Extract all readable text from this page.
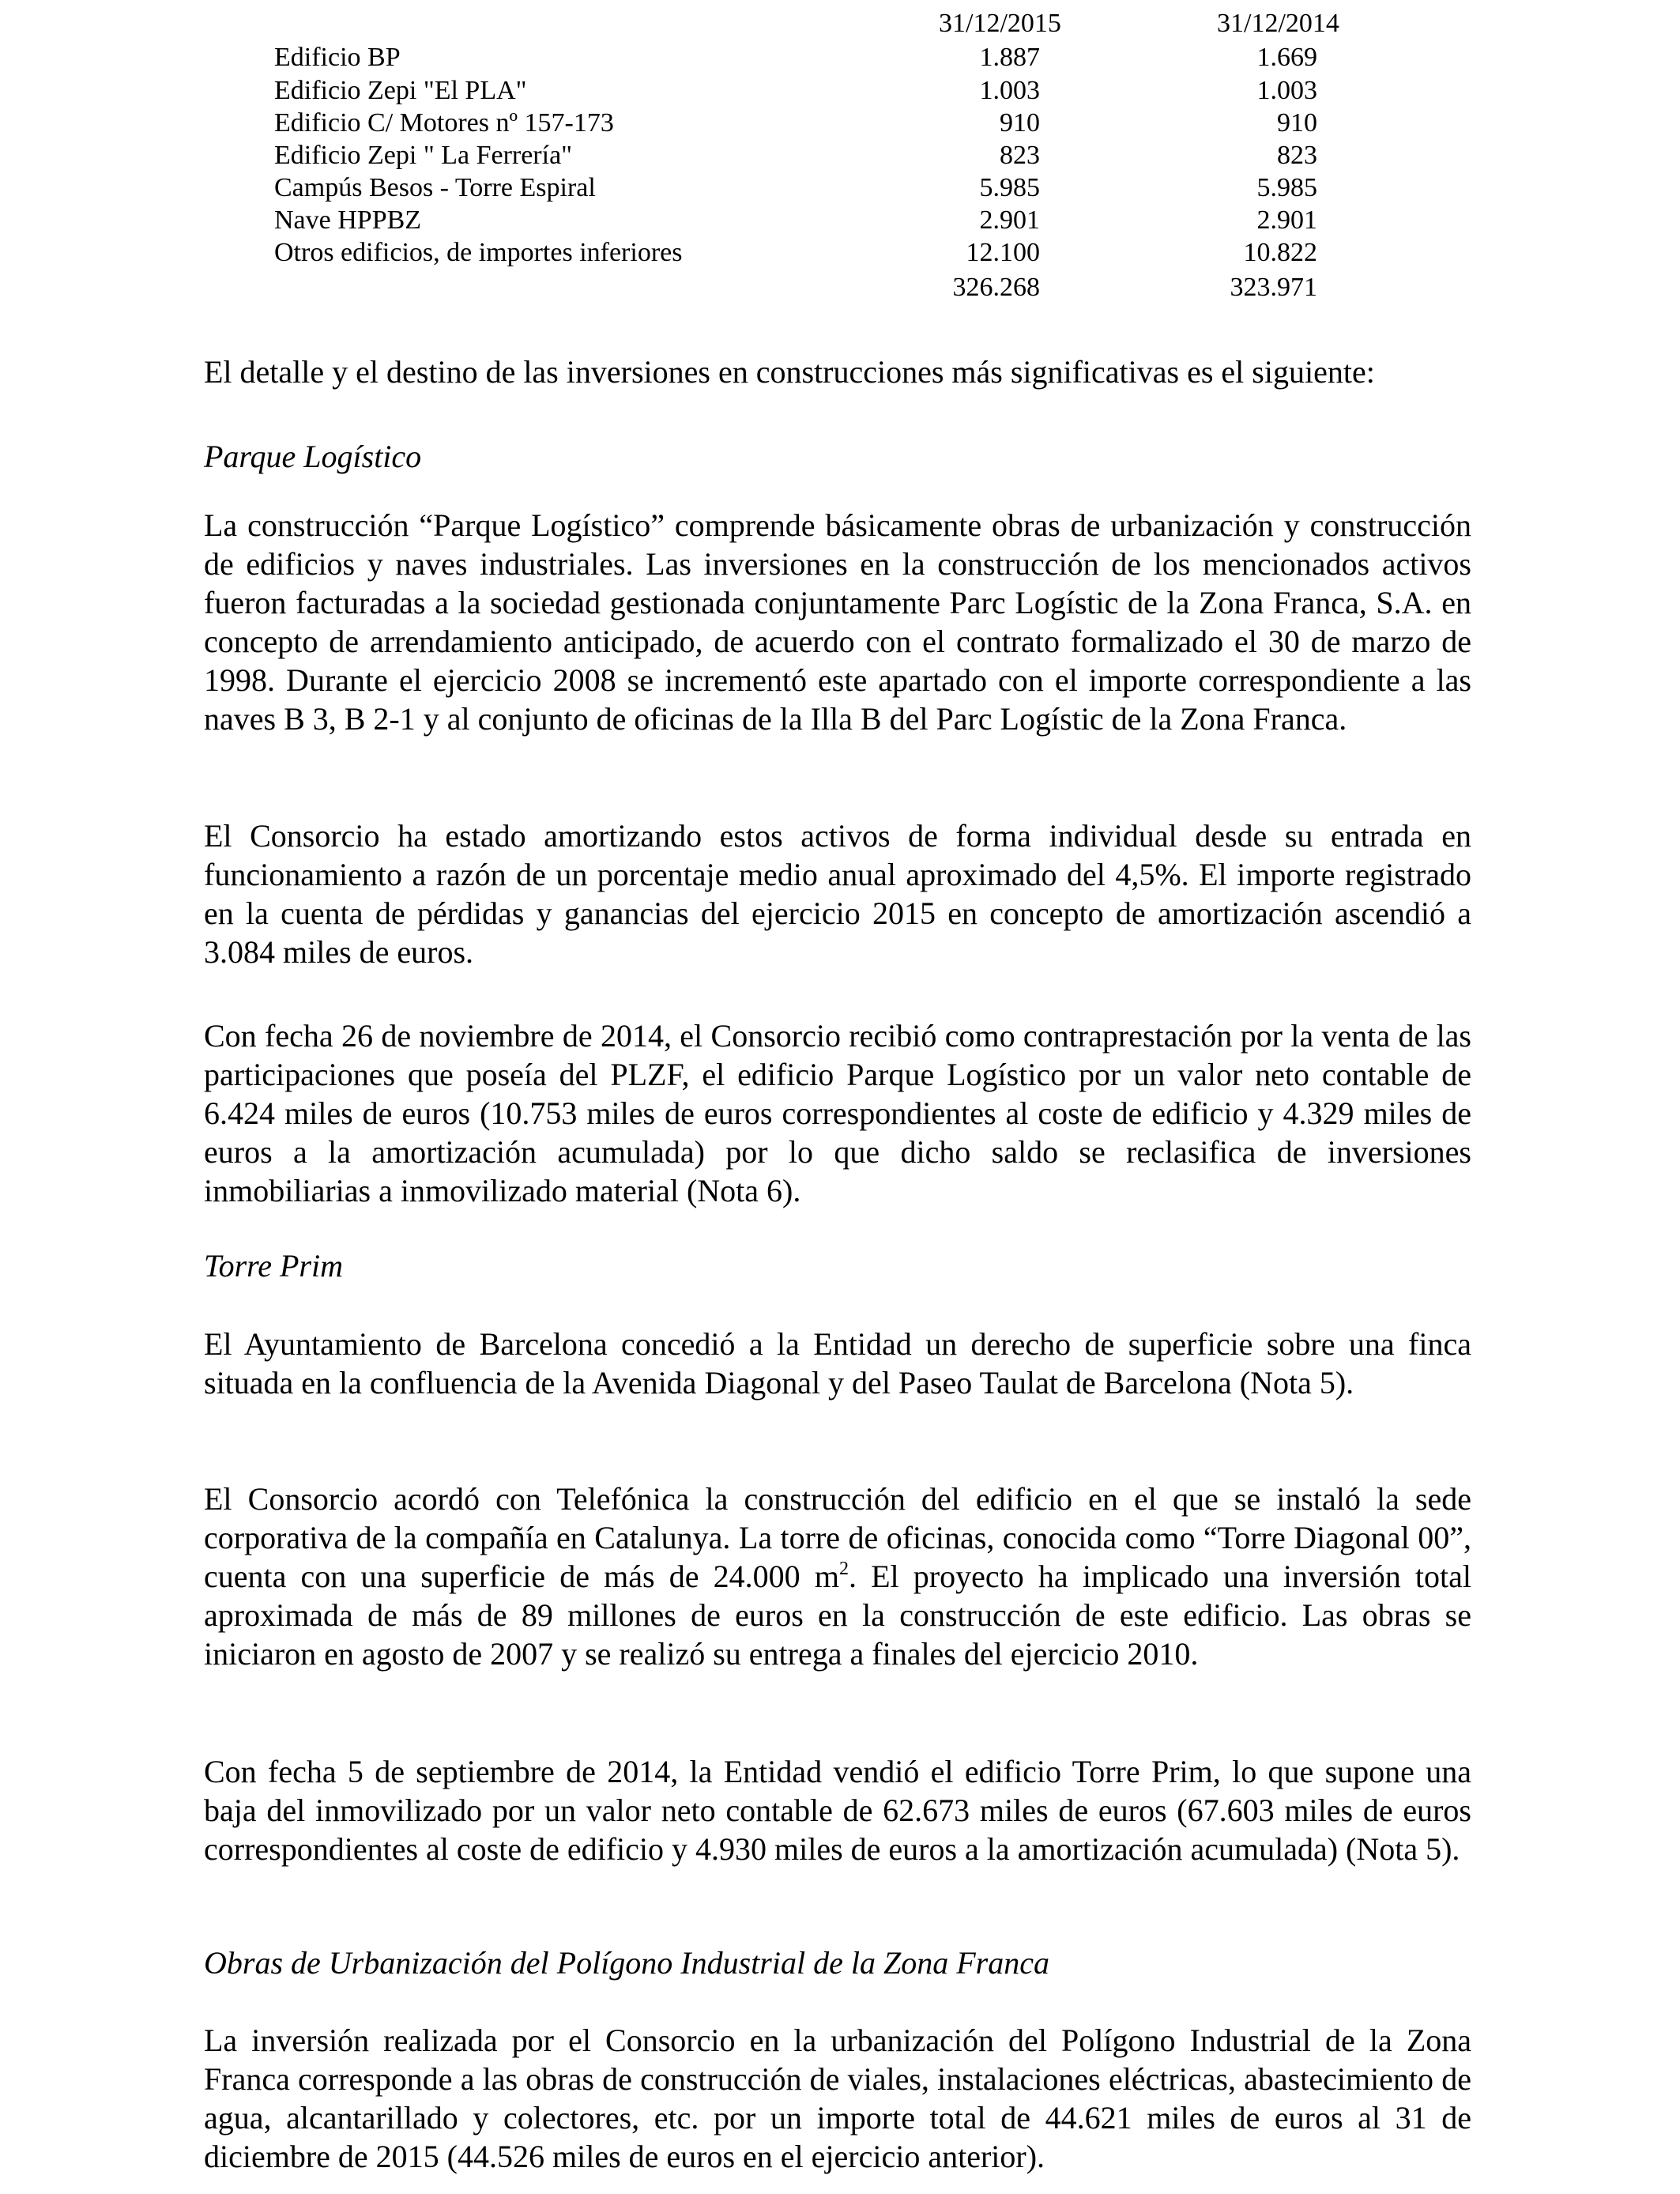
31/12/2015	31/12/2014
Edificio BP	1.887	1.669
Edificio Zepi "El PLA"	1.003	1.003
Edificio C/ Motores nº 157-173	910	910
Edificio Zepi " La Ferrería"	823	823
Campús Besos - Torre Espiral	5.985	5.985
Nave HPPBZ	2.901	2.901
Otros edificios, de importes inferiores	12.100	10.822
326.268	323.971

El detalle y el destino de las inversiones en construcciones más significativas es el siguiente:

Parque Logístico

La construcción “Parque Logístico” comprende básicamente obras de urbanización y construcción de edificios y naves industriales. Las inversiones en la construcción de los mencionados activos fueron facturadas a la sociedad gestionada conjuntamente Parc Logístic de la Zona Franca, S.A. en concepto de arrendamiento anticipado, de acuerdo con el contrato formalizado el 30 de marzo de 1998. Durante el ejercicio 2008 se incrementó este apartado con el importe correspondiente a las naves B 3, B 2-1 y al conjunto de oficinas de la Illa B del Parc Logístic de la Zona Franca.

El Consorcio ha estado amortizando estos activos de forma individual desde su entrada en funcionamiento a razón de un porcentaje medio anual aproximado del 4,5%. El importe registrado en la cuenta de pérdidas y ganancias del ejercicio 2015 en concepto de amortización ascendió a 3.084 miles de euros.

Con fecha 26 de noviembre de 2014, el Consorcio recibió como contraprestación por la venta de las participaciones que poseía del PLZF, el edificio Parque Logístico por un valor neto contable de 6.424 miles de euros (10.753 miles de euros correspondientes al coste de edificio y 4.329 miles de euros a la amortización acumulada) por lo que dicho saldo se reclasifica de inversiones inmobiliarias a inmovilizado material (Nota 6).

Torre Prim

El Ayuntamiento de Barcelona concedió a la Entidad un derecho de superficie sobre una finca situada en la confluencia de la Avenida Diagonal y del Paseo Taulat de Barcelona (Nota 5).

El Consorcio acordó con Telefónica la construcción del edificio en el que se instaló la sede corporativa de la compañía en Catalunya. La torre de oficinas, conocida como “Torre Diagonal 00”, cuenta con una superficie de más de 24.000 $m^2$. El proyecto ha implicado una inversión total aproximada de más de 89 millones de euros en la construcción de este edificio. Las obras se iniciaron en agosto de 2007 y se realizó su entrega a finales del ejercicio 2010.

Con fecha 5 de septiembre de 2014, la Entidad vendió el edificio Torre Prim, lo que supone una baja del inmovilizado por un valor neto contable de 62.673 miles de euros (67.603 miles de euros correspondientes al coste de edificio y 4.930 miles de euros a la amortización acumulada) (Nota 5).

Obras de Urbanización del Polígono Industrial de la Zona Franca

La inversión realizada por el Consorcio en la urbanización del Polígono Industrial de la Zona Franca corresponde a las obras de construcción de viales, instalaciones eléctricas, abastecimiento de agua, alcantarillado y colectores, etc. por un importe total de 44.621 miles de euros al 31 de diciembre de 2015 (44.526 miles de euros en el ejercicio anterior).
